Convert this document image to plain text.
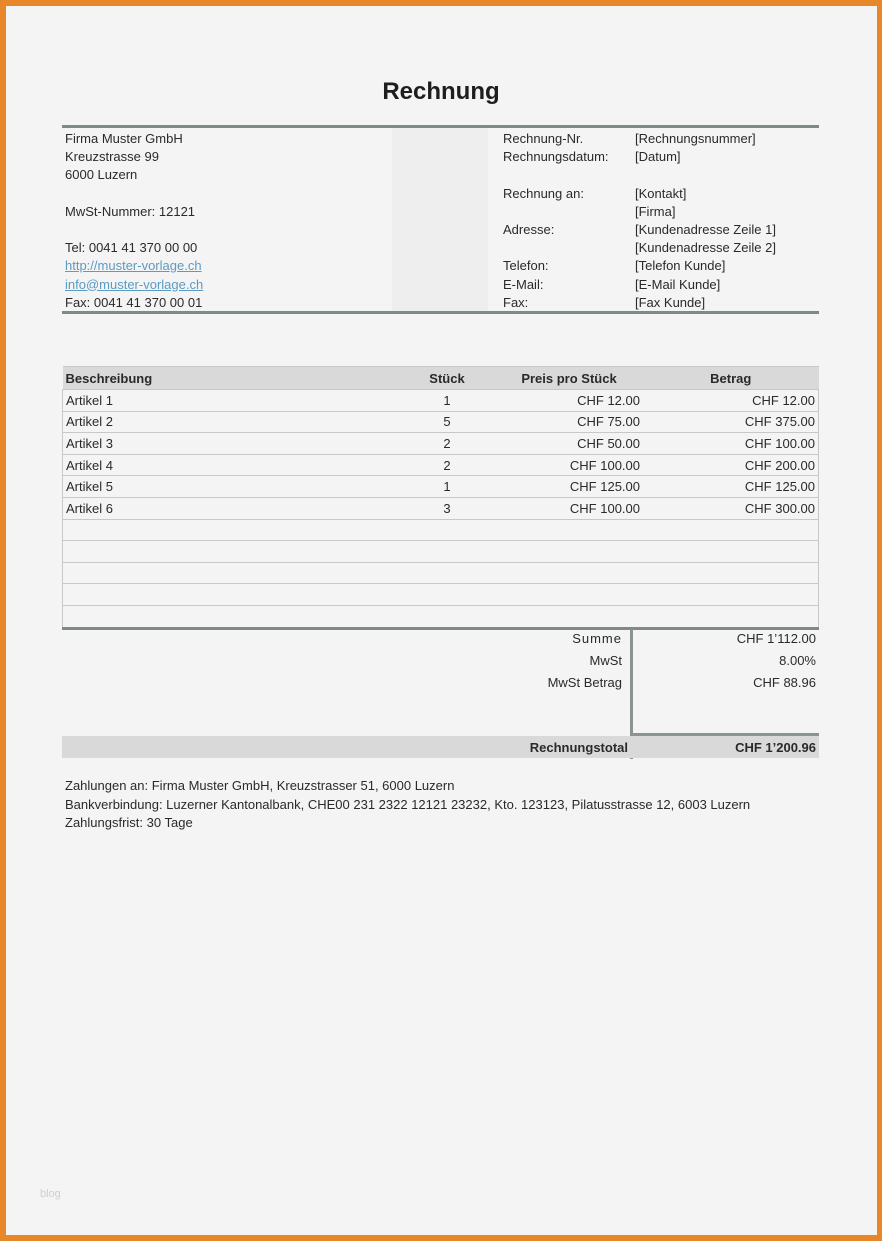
Rechnung
Firma Muster GmbH
Kreuzstrasse 99
6000 Luzern
MwSt-Nummer: 12121
Tel: 0041 41 370 00 00
http://muster-vorlage.ch
info@muster-vorlage.ch
Fax: 0041 41 370 00 01
Rechnung-Nr.	[Rechnungsnummer]
Rechnungsdatum:	[Datum]
Rechnung an:	[Kontakt]
[Firma]
Adresse:	[Kundenadresse Zeile 1]
[Kundenadresse Zeile 2]
Telefon:	[Telefon Kunde]
E-Mail:	[E-Mail Kunde]
Fax:	[Fax Kunde]
Beschreibung	Stück	Preis pro Stück	Betrag
Artikel 1	1	CHF 12.00	CHF 12.00
Artikel 2	5	CHF 75.00	CHF 375.00
Artikel 3	2	CHF 50.00	CHF 100.00
Artikel 4	2	CHF 100.00	CHF 200.00
Artikel 5	1	CHF 125.00	CHF 125.00
Artikel 6	3	CHF 100.00	CHF 300.00

Summe	CHF 1’112.00
MwSt	8.00%
MwSt Betrag	CHF 88.96
Rechnungstotal	CHF 1’200.96
Zahlungen an: Firma Muster GmbH, Kreuzstrasser 51, 6000 Luzern
Bankverbindung: Luzerner Kantonalbank, CHE00 231 2322 12121 23232, Kto. 123123, Pilatusstrasse 12, 6003 Luzern
Zahlungsfrist: 30 Tage
blog
